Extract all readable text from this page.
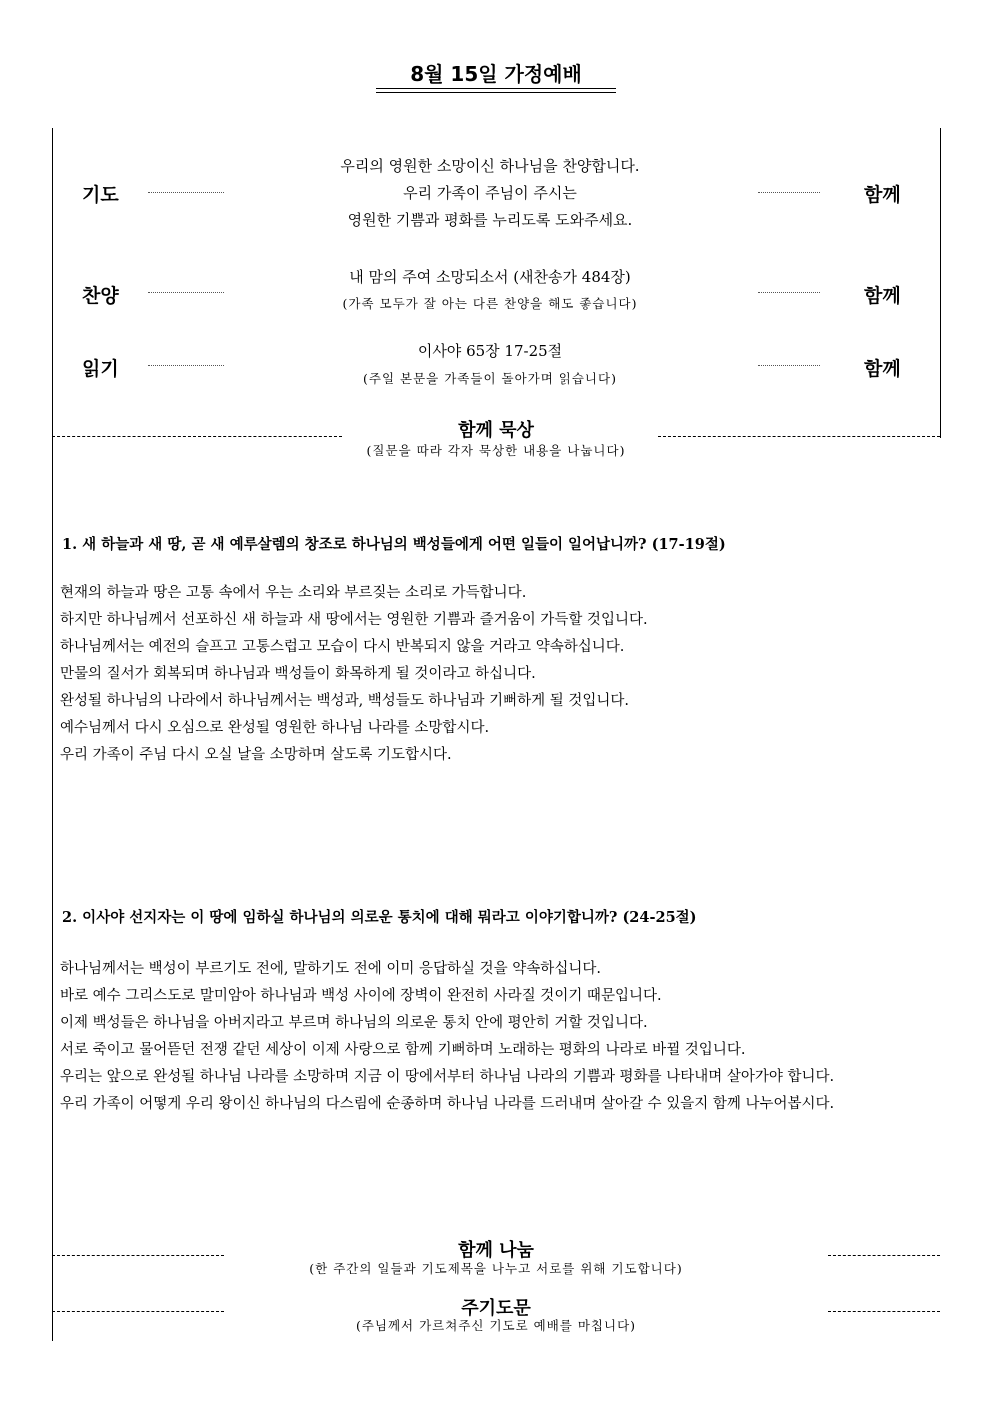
8월 15일 가정예배
기도
우리의 영원한 소망이신 하나님을 찬양합니다.
우리 가족이 주님이 주시는
영원한 기쁨과 평화를 누리도록 도와주세요.
함께
찬양
내 맘의 주여 소망되소서 (새찬송가 484장)
(가족 모두가 잘 아는 다른 찬양을 해도 좋습니다)	함께
읽기
이사야 65장 17-25절
(주일 본문을 가족들이 돌아가며 읽습니다)	함께
함께 묵상
(질문을 따라 각자 묵상한 내용을 나눕니다)
1. 새 하늘과 새 땅, 곧 새 예루살렘의 창조로 하나님의 백성들에게 어떤 일들이 일어납니까? (17-19절)
현재의 하늘과 땅은 고통 속에서 우는 소리와 부르짖는 소리로 가득합니다.
하지만 하나님께서 선포하신 새 하늘과 새 땅에서는 영원한 기쁨과 즐거움이 가득할 것입니다.
하나님께서는 예전의 슬프고 고통스럽고 모습이 다시 반복되지 않을 거라고 약속하십니다.
만물의 질서가 회복되며 하나님과 백성들이 화목하게 될 것이라고 하십니다.
완성될 하나님의 나라에서 하나님께서는 백성과, 백성들도 하나님과 기뻐하게 될 것입니다.
예수님께서 다시 오심으로 완성될 영원한 하나님 나라를 소망합시다.
우리 가족이 주님 다시 오실 날을 소망하며 살도록 기도합시다.
2. 이사야 선지자는 이 땅에 임하실 하나님의 의로운 통치에 대해 뭐라고 이야기합니까? (24-25절)
하나님께서는 백성이 부르기도 전에, 말하기도 전에 이미 응답하실 것을 약속하십니다.
바로 예수 그리스도로 말미암아 하나님과 백성 사이에 장벽이 완전히 사라질 것이기 때문입니다.
이제 백성들은 하나님을 아버지라고 부르며 하나님의 의로운 통치 안에 평안히 거할 것입니다.
서로 죽이고 물어뜯던 전쟁 같던 세상이 이제 사랑으로 함께 기뻐하며 노래하는 평화의 나라로 바뀔 것입니다.
우리는 앞으로 완성될 하나님 나라를 소망하며 지금 이 땅에서부터 하나님 나라의 기쁨과 평화를 나타내며 살아가야 합니다.
우리 가족이 어떻게 우리 왕이신 하나님의 다스림에 순종하며 하나님 나라를 드러내며 살아갈 수 있을지 함께 나누어봅시다.
함께 나눔
(한 주간의 일들과 기도제목을 나누고 서로를 위해 기도합니다)
주기도문
(주님께서 가르쳐주신 기도로 예배를 마칩니다)
